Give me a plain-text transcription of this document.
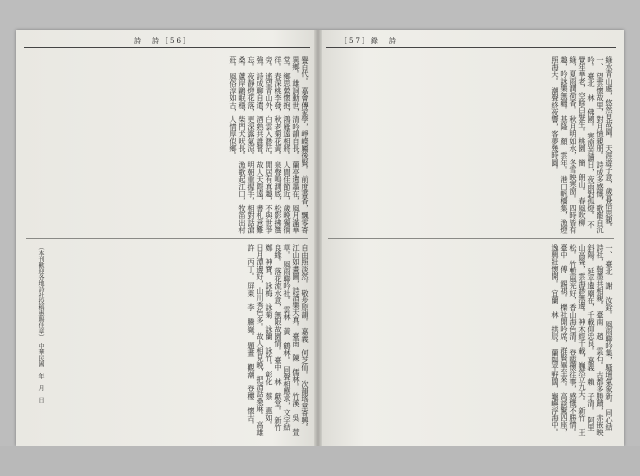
詩　詩［56］
譽百代。 嘉會傳家學，崢嶸屬後賢。 前度書香，飄零寄異鄉。 雄詞動世，清吟韻自長。 蘭亭遺墨在，風月滿華堂。 鄉思縈懷抱，鴻雁遠相將。 人間佳節近，歲晚獨徜徉。 春深桃李發，秋老菊花黃。 泉聲鳴澗底，松影拂簷旁。 遙望青山外，白雲入渺茫。 閒居有真趣，不與世爭強。 詩成聊自遣，酒熟共誰嘗。 故人天際遠，書札意難忘。 夜靜燈花落，更深露氣涼。 明朝重握手，相對話滄桑。 蘆岸鷗眠穩，柴門犬吠長。 漁歌起江口，牧笛出村莊。 風俗淳如古，人情厚似鄉。
自由照淡然。 敬步原韻。 嘉義　何芝仙。 次韻瑤章寄興。 江山如畫圖，詩酒樂天真。 臺南　陳　儒林。 竹溪　吳　萱草。 風雨聯吟社。 雲林　黃　鶴林。 同聲相應求，文字結良緣。 落花流水意，無限故園情。 臺中　林　獻堂。 新竹　鄭　神寶。 詠梅　詠菊　詠蘭　詠竹。 彰化　蔡　惠如。 日月潭邊好，山川秀色多。 故人相見晚，把酒話桑麻。 高雄　許　丙丁。 屏東　李　騰嶽。 題畫　觀潮　登樓　懷古。
（本刊歡迎各地詩社投稿惠賜佳章）　中華民國　年　月　日
［57］錄　詩
綠水青山處，悠然見故園。 天涯遊子意，歲暮倍思親。 一、 望雲懷故里，對月憶親朋。 詩成多感慨，歌罷自沉吟。 臺北　林　佛國。 寒窗苦讀日，夜雨對孤燈。 不覺年華老，空餘白髮生。 桃園　簡　朗山。 春風吹柳綠，夏雨潤荷香。 秋月明如水，冬雪映寒窗。 四時皆有趣，吟詠樂無疆。 基隆　顏　雲年。 港口帆檣集，漁燈照海天。 潮聲終夜響，客夢幾時圓。
一、 臺北　謝　汝銓。 風雨聯吟集，騷壇氣象新。 同心結詩社，翰墨共相親。 臺南　趙　雲石。 古都多勝蹟，赤嵌映斜陽。 延平遺廟在，千載仰忠良。 嘉義　賴　子清。 阿里山高聳，雲海渺無邊。 神木經千載，巍然立九天。 新竹　王　松。 竹塹風光好，香山海色清。 登臨懷往事，感慨不勝情。 臺中　傅　錫祺。 櫟社開吟席，群賢畢至來。 高談驚四座，逸興壯懷開。 宜蘭　林　拱辰。 蘭陽平野闊，龜嶼浮海中。
